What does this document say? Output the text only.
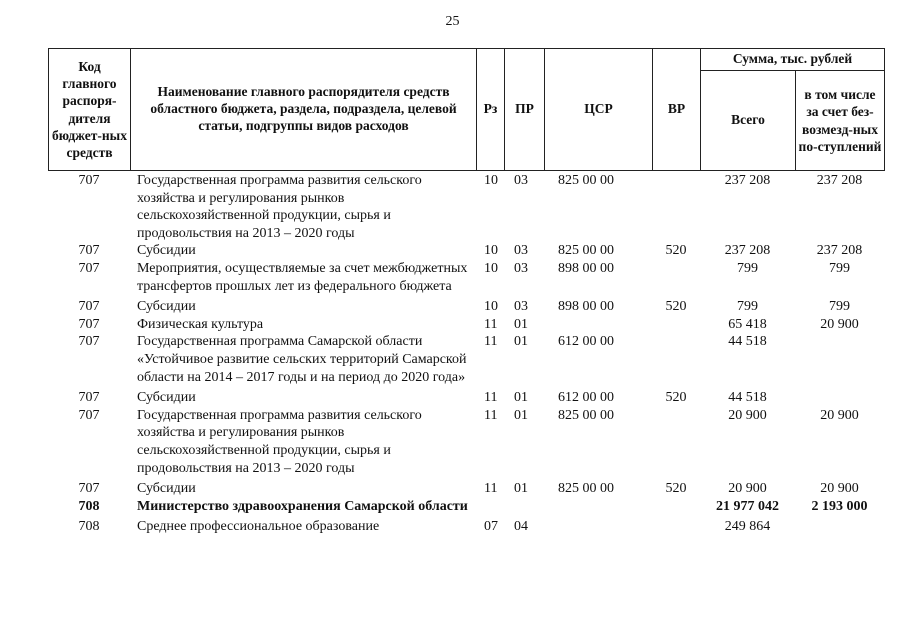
25
Код главного распоря-дителя бюджет-ных средств	Наименование главного распорядителя средств областного бюджета, раздела, подраздела, целевой статьи, подгруппы видов расходов	Рз	ПР	ЦСР	ВР	Сумма, тыс. рублей	
						Всего	в том числе за счет без-возмезд-ных по-ступлений
707	Государственная программа развития сельского хозяйства и регулирования рынков сельскохозяйственной продукции, сырья и продовольствия на 2013 – 2020 годы	10	03	825 00 00		237 208	237 208
707	Субсидии	10	03	825 00 00	520	237 208	237 208
707	Мероприятия, осуществляемые за счет межбюджетных трансфертов прошлых лет из федерального бюджета	10	03	898 00 00		799	799
707	Субсидии	10	03	898 00 00	520	799	799
707	Физическая культура	11	01			65 418	20 900
707	Государственная программа Самарской области «Устойчивое развитие сельских территорий Самарской области на 2014 – 2017 годы и на период до 2020 года»	11	01	612 00 00		44 518	
707	Субсидии	11	01	612 00 00	520	44 518	
707	Государственная программа развития сельского хозяйства и регулирования рынков сельскохозяйственной продукции, сырья и продовольствия на 2013 – 2020 годы	11	01	825 00 00		20 900	20 900
707	Субсидии	11	01	825 00 00	520	20 900	20 900
708	Министерство здравоохранения Самарской области					21 977 042	2 193 000
708	Среднее профессиональное образование	07	04			249 864	
